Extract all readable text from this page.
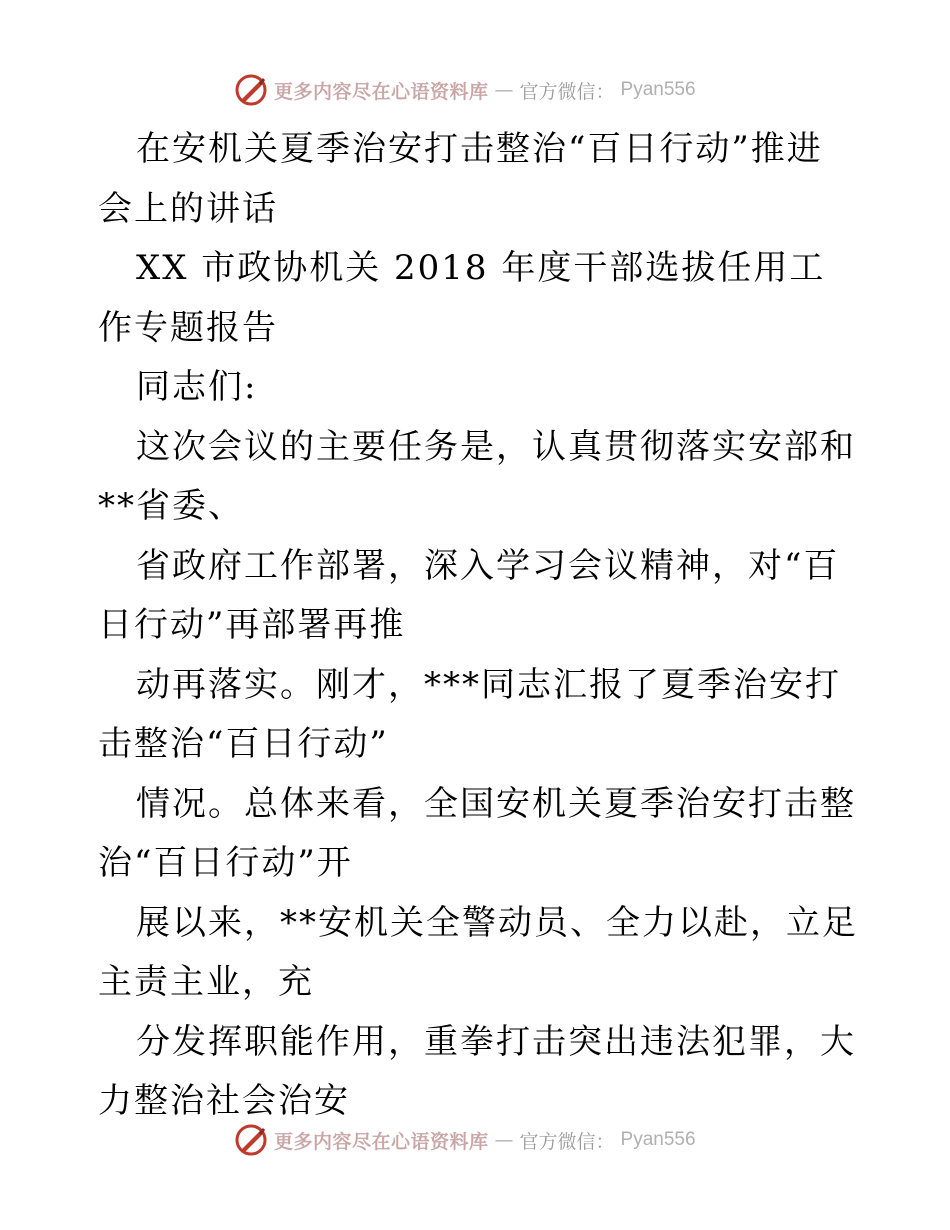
更多内容尽在心语资料库 — 官方微信： Pyan556

在安机关夏季治安打击整治“百日行动”推进会上的讲话

XX 市政协机关 2018 年度干部选拔任用工作专题报告

同志们:

这次会议的主要任务是，认真贯彻落实安部和**省委、

省政府工作部署，深入学习会议精神，对“百日行动”再部署再推

动再落实。刚才，***同志汇报了夏季治安打击整治“百日行动”

情况。总体来看，全国安机关夏季治安打击整治“百日行动”开

展以来，**安机关全警动员、全力以赴，立足主责主业，充

分发挥职能作用，重拳打击突出违法犯罪，大力整治社会治安

更多内容尽在心语资料库 — 官方微信： Pyan556
